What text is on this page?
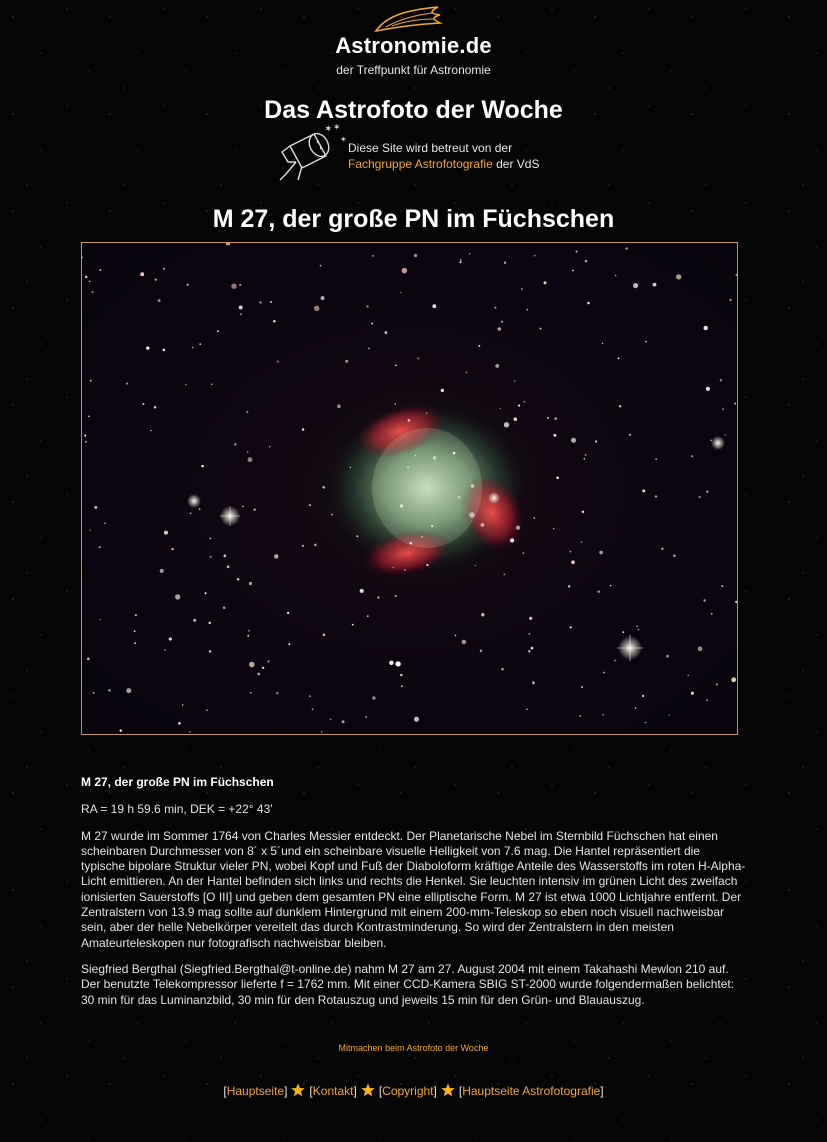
Astronomie.de
der Treffpunkt für Astronomie
Das Astrofoto der Woche
✶ ✶
✶
Diese Site wird betreut von der
Fachgruppe Astrofotografie der VdS
M 27, der große PN im Füchschen

M 27, der große PN im Füchschen

RA = 19 h 59.6 min, DEK = +22° 43'

M 27 wurde im Sommer 1764 von Charles Messier entdeckt. Der Planetarische Nebel im Sternbild Füchschen hat einen scheinbaren Durchmesser von 8´ x 5´und ein scheinbare visuelle Helligkeit von 7.6 mag. Die Hantel repräsentiert die typische bipolare Struktur vieler PN, wobei Kopf und Fuß der Diaboloform kräftige Anteile des Wasserstoffs im roten H-Alpha-Licht emittieren. An der Hantel befinden sich links und rechts die Henkel. Sie leuchten intensiv im grünen Licht des zweifach ionisierten Sauerstoffs [O III] und geben dem gesamten PN eine elliptische Form. M 27 ist etwa 1000 Lichtjahre entfernt. Der Zentralstern von 13.9 mag sollte auf dunklem Hintergrund mit einem 200-mm-Teleskop so eben noch visuell nachweisbar sein, aber der helle Nebelkörper vereitelt das durch Kontrastminderung. So wird der Zentralstern in den meisten Amateurteleskopen nur fotografisch nachweisbar bleiben.

Siegfried Bergthal (Siegfried.Bergthal@t-online.de) nahm M 27 am 27. August 2004 mit einem Takahashi Mewlon 210 auf. Der benutzte Telekompressor lieferte f = 1762 mm. Mit einer CCD-Kamera SBIG ST-2000 wurde folgendermaßen belichtet: 30 min für das Luminanzbild, 30 min für den Rotauszug und jeweils 15 min für den Grün- und Blauauszug.

Mitmachen beim Astrofoto der Woche
[Hauptseite] [Kontakt] [Copyright] [Hauptseite Astrofotografie]
